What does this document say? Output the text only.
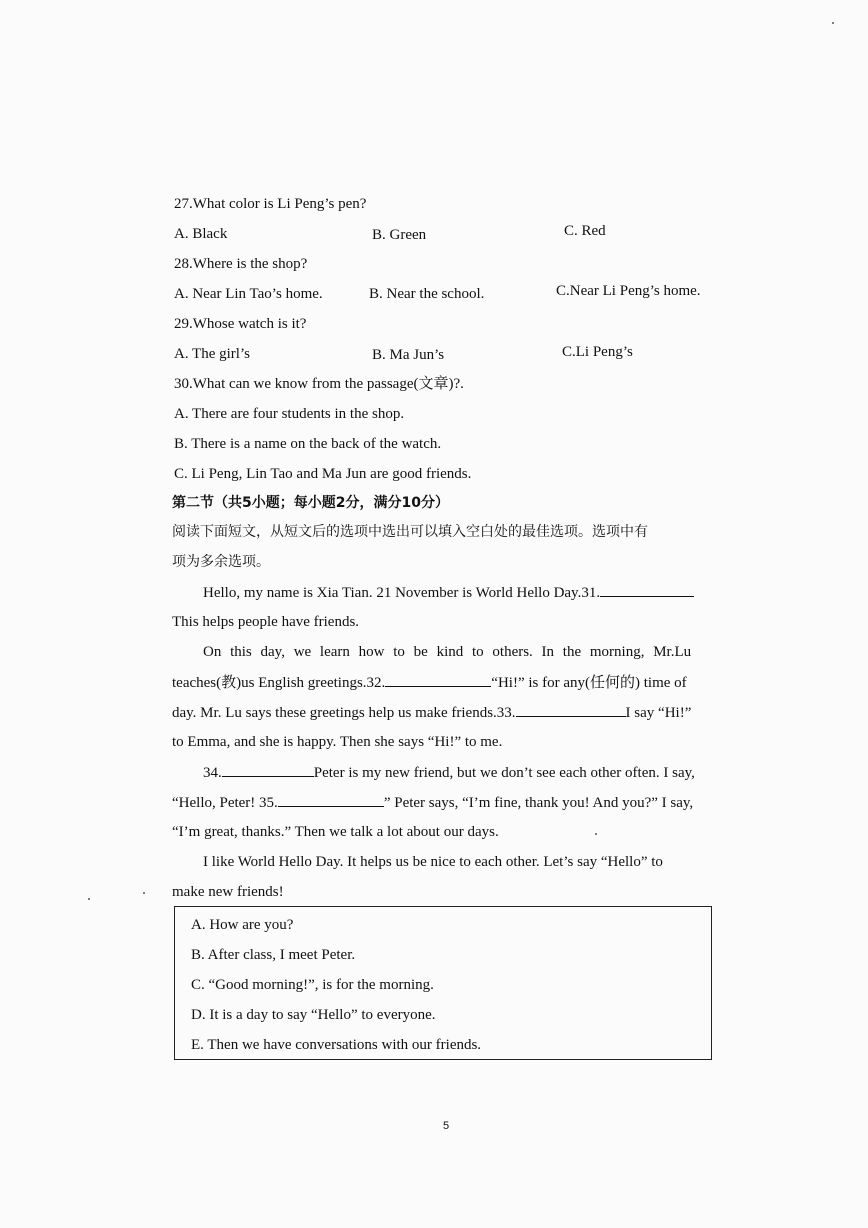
27.What color is Li Peng’s pen?
A. Black	B. Green	C. Red
28.Where is the shop?
A. Near Lin Tao’s home.	B. Near the school.	C.Near Li Peng’s home.
29.Whose watch is it?
A. The girl’s	B. Ma Jun’s	C.Li Peng’s
30.What can we know from the passage(文章)?.
A. There are four students in the shop.
B. There is a name on the back of the watch.
C. Li Peng, Lin Tao and Ma Jun are good friends.
第二节（共5小题；每小题2分，满分10分）
阅读下面短文，从短文后的选项中选出可以填入空白处的最佳选项。选项中有
项为多余选项。
Hello, my name is Xia Tian. 21 November is World Hello Day.31.
This helps people have friends.
On this day, we learn how to be kind to others. In the morning, Mr.Lu
teaches(教)us English greetings.32.	“Hi!” is for any(任何的) time of
day. Mr. Lu says these greetings help us make friends.33.	I say “Hi!”
to Emma, and she is happy. Then she says “Hi!” to me.
34.	Peter is my new friend, but we don’t see each other often. I say,
“Hello, Peter! 35.	” Peter says, “I’m fine, thank you! And you?” I say,
“I’m great, thanks.” Then we talk a lot about our days.
I like World Hello Day. It helps us be nice to each other. Let’s say “Hello” to
make new friends!
A. How are you?
B. After class, I meet Peter.
C. “Good morning!”, is for the morning.
D. It is a day to say “Hello” to everyone.
E. Then we have conversations with our friends.
5
